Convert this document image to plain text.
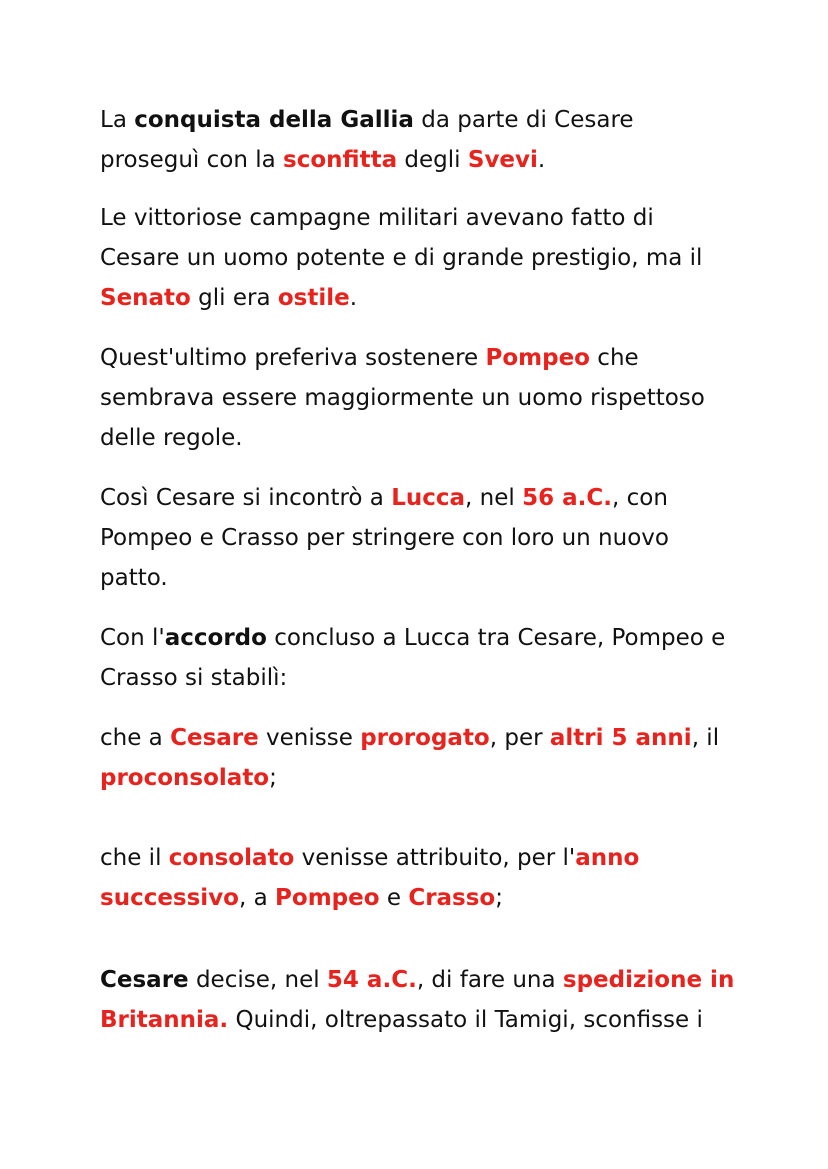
La conquista della Gallia da parte di Cesare proseguì con la sconfitta degli Svevi.

Le vittoriose campagne militari avevano fatto di Cesare un uomo potente e di grande prestigio, ma il Senato gli era ostile.

Quest'ultimo preferiva sostenere Pompeo che sembrava essere maggiormente un uomo rispettoso delle regole.

Così Cesare si incontrò a Lucca, nel 56 a.C., con Pompeo e Crasso per stringere con loro un nuovo patto.

Con l'accordo concluso a Lucca tra Cesare, Pompeo e Crasso si stabilì:

che a Cesare venisse prorogato, per altri 5 anni, il proconsolato;

che il consolato venisse attribuito, per l'anno successivo, a Pompeo e Crasso;

Cesare decise, nel 54 a.C., di fare una spedizione in Britannia. Quindi, oltrepassato il Tamigi, sconfisse i
